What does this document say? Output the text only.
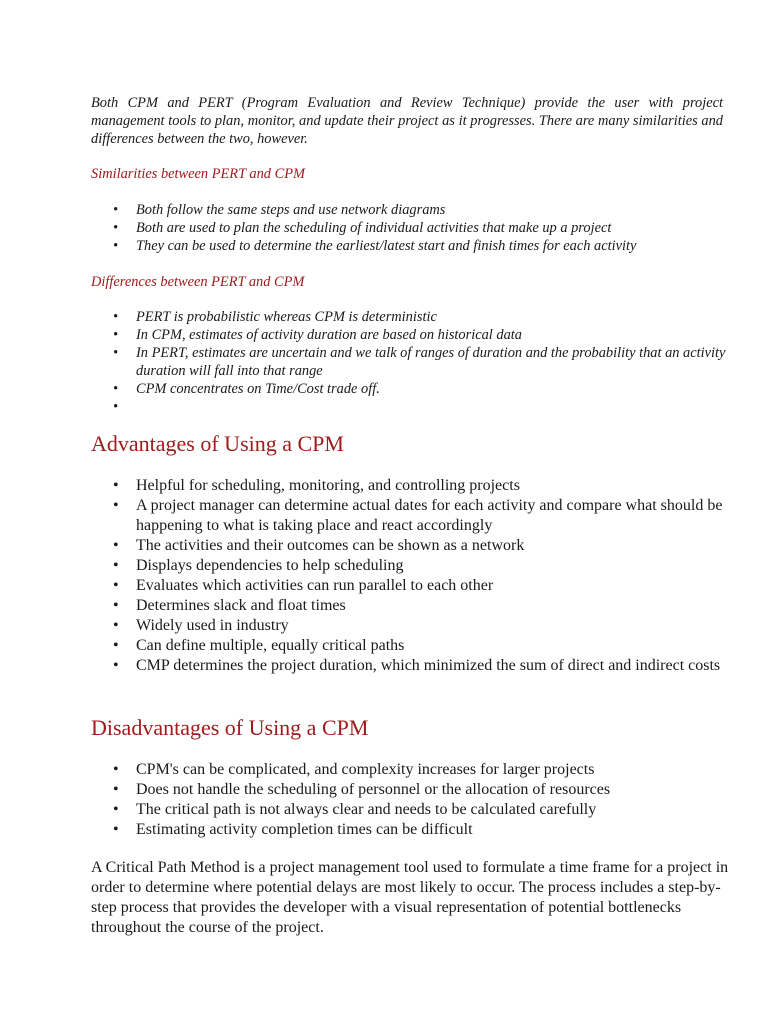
Both CPM and PERT (Program Evaluation and Review Technique) provide the user with project management tools to plan, monitor, and update their project as it progresses. There are many similarities and differences between the two, however.

Similarities between PERT and CPM

• Both follow the same steps and use network diagrams
• Both are used to plan the scheduling of individual activities that make up a project
• They can be used to determine the earliest/latest start and finish times for each activity

Differences between PERT and CPM

• PERT is probabilistic whereas CPM is deterministic
• In CPM, estimates of activity duration are based on historical data
• In PERT, estimates are uncertain and we talk of ranges of duration and the probability that an activity duration will fall into that range
• CPM concentrates on Time/Cost trade off.
•
Advantages of Using a CPM
• Helpful for scheduling, monitoring, and controlling projects
• A project manager can determine actual dates for each activity and compare what should be happening to what is taking place and react accordingly
• The activities and their outcomes can be shown as a network
• Displays dependencies to help scheduling
• Evaluates which activities can run parallel to each other
• Determines slack and float times
• Widely used in industry
• Can define multiple, equally critical paths
• CMP determines the project duration, which minimized the sum of direct and indirect costs
Disadvantages of Using a CPM
• CPM's can be complicated, and complexity increases for larger projects
• Does not handle the scheduling of personnel or the allocation of resources
• The critical path is not always clear and needs to be calculated carefully
• Estimating activity completion times can be difficult

A Critical Path Method is a project management tool used to formulate a time frame for a project in order to determine where potential delays are most likely to occur. The process includes a step-by-step process that provides the developer with a visual representation of potential bottlenecks throughout the course of the project.
